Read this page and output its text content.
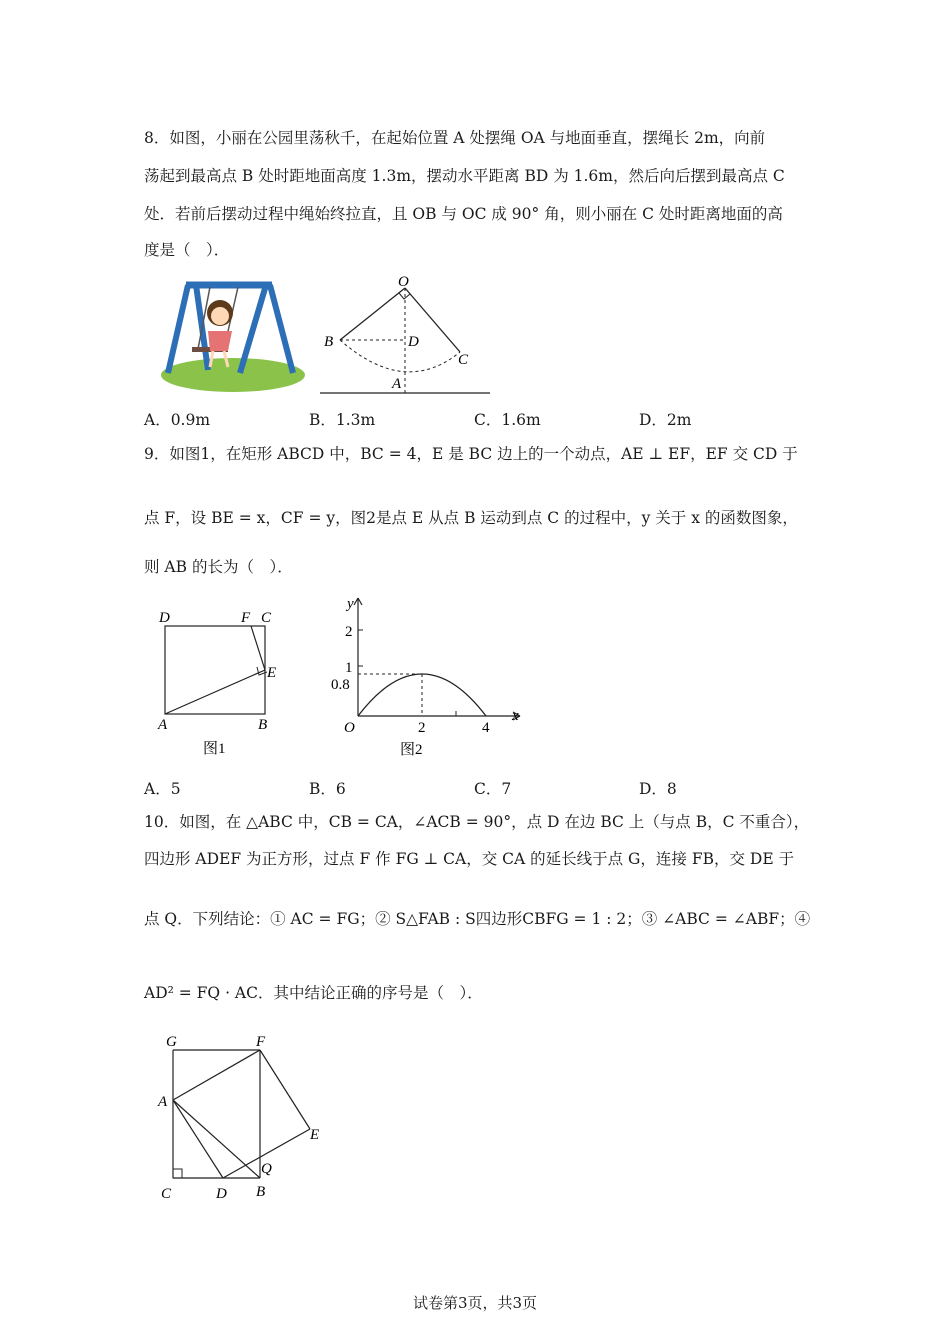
8．如图，小丽在公园里荡秋千，在起始位置 A 处摆绳 OA 与地面垂直，摆绳长 2m，向前
荡起到最高点 B 处时距地面高度 1.3m，摆动水平距离 BD 为 1.6m，然后向后摆到最高点 C
处．若前后摆动过程中绳始终拉直，且 OB 与 OC 成 90° 角，则小丽在 C 处时距离地面的高
度是（　）．
O
B	D
C
A
A．0.9m	B．1.3m	C．1.6m	D．2m
9．如图1，在矩形 ABCD 中，BC = 4，E 是 BC 边上的一个动点，AE ⊥ EF，EF 交 CD 于
点 F，设 BE = x，CF = y，图2是点 E 从点 B 运动到点 C 的过程中，y 关于 x 的函数图象，
则 AB 的长为（　）．
D	F C
E
A	B
图1
y
x
O
2
1
0.8
2	4
图2
A．5	B．6	C．7	D．8
10．如图，在 △ABC 中，CB = CA，∠ACB = 90°，点 D 在边 BC 上（与点 B，C 不重合），
四边形 ADEF 为正方形，过点 F 作 FG ⊥ CA，交 CA 的延长线于点 G，连接 FB，交 DE 于
点 Q．下列结论：① AC = FG；② S△FAB : S四边形CBFG = 1 : 2；③ ∠ABC = ∠ABF；④
AD² = FQ · AC．其中结论正确的序号是（　）．
G	F
A
E
Q
C	D B
试卷第3页，共3页
